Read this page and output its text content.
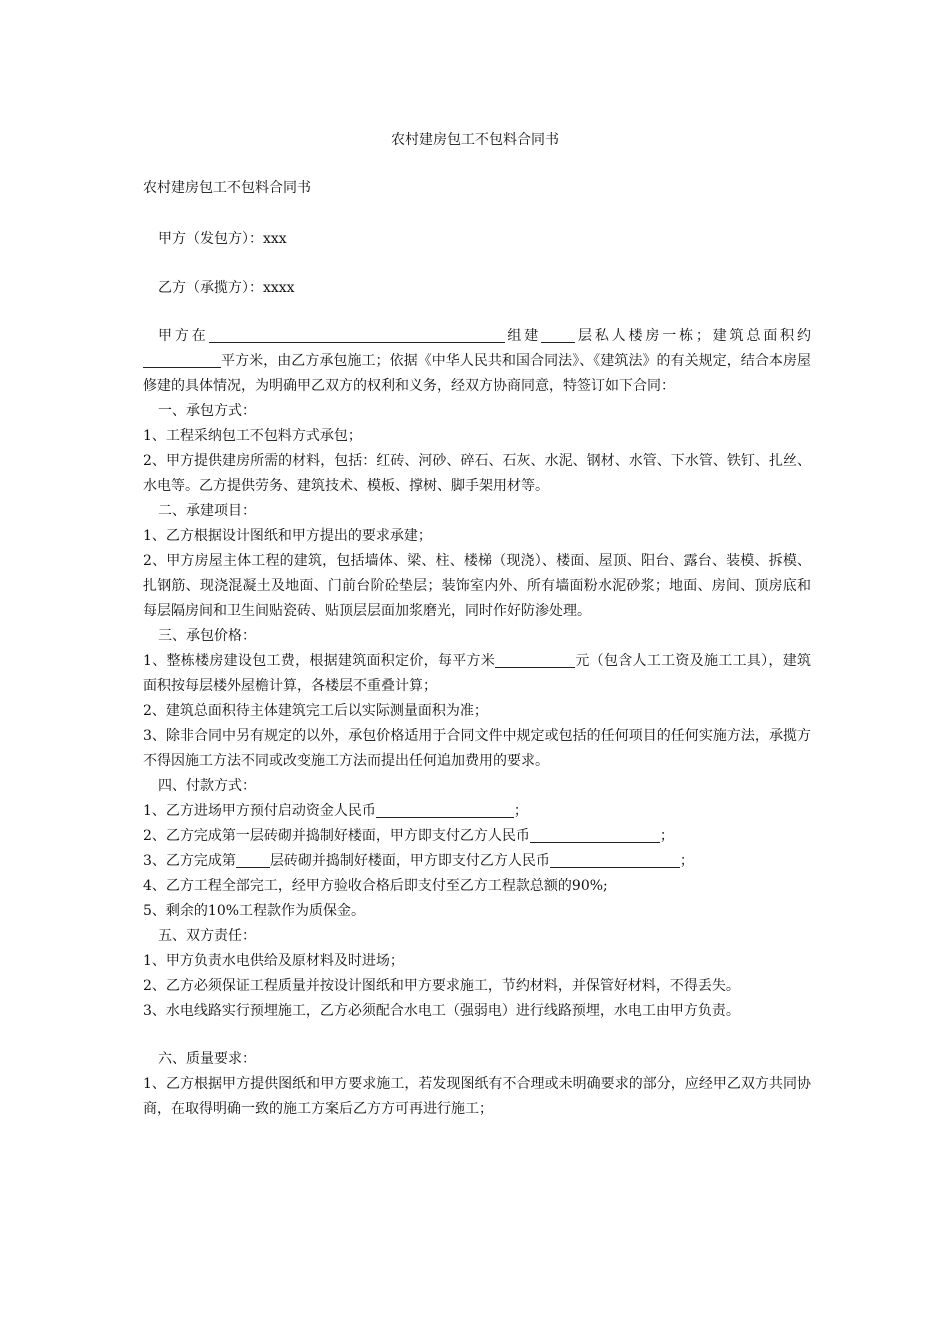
农村建房包工不包料合同书
农村建房包工不包料合同书
甲方（发包方）：xxx
乙方（承揽方）：xxxx

甲方在	组建 层私人楼房一栋；建筑总面积约平方米，由乙方承包施工；依据《中华人民共和国合同法》、《建筑法》的有关规定，结合本房屋修建的具体情况，为明确甲乙双方的权利和义务，经双方协商同意，特签订如下合同：

一、承包方式：

1、工程采纳包工不包料方式承包；

2、甲方提供建房所需的材料，包括：红砖、河砂、碎石、石灰、水泥、钢材、水管、下水管、铁钉、扎丝、水电等。乙方提供劳务、建筑技术、模板、撑树、脚手架用材等。

二、承建项目：

1、乙方根据设计图纸和甲方提出的要求承建；

2、甲方房屋主体工程的建筑，包括墙体、梁、柱、楼梯（现浇）、楼面、屋顶、阳台、露台、装模、拆模、扎钢筋、现浇混凝土及地面、门前台阶砼垫层；装饰室内外、所有墙面粉水泥砂浆；地面、房间、顶房底和每层隔房间和卫生间贴瓷砖、贴顶层层面加浆磨光，同时作好防渗处理。

三、承包价格：

1、整栋楼房建设包工费，根据建筑面积定价，每平方米	元（包含人工工资及施工工具），建筑面积按每层楼外屋檐计算，各楼层不重叠计算；

2、建筑总面积待主体建筑完工后以实际测量面积为准；

3、除非合同中另有规定的以外，承包价格适用于合同文件中规定或包括的任何项目的任何实施方法，承揽方不得因施工方法不同或改变施工方法而提出任何追加费用的要求。

四、付款方式：

1、乙方进场甲方预付启动资金人民币	；

2、乙方完成第一层砖砌并捣制好楼面，甲方即支付乙方人民币	；

3、乙方完成第 层砖砌并捣制好楼面，甲方即支付乙方人民币	；

4、乙方工程全部完工，经甲方验收合格后即支付至乙方工程款总额的90%;

5、剩余的10%工程款作为质保金。

五、双方责任：

1、甲方负责水电供给及原材料及时进场；

2、乙方必须保证工程质量并按设计图纸和甲方要求施工，节约材料，并保管好材料，不得丢失。

3、水电线路实行预埋施工，乙方必须配合水电工（强弱电）进行线路预埋，水电工由甲方负责。

六、质量要求：

1、乙方根据甲方提供图纸和甲方要求施工，若发现图纸有不合理或未明确要求的部分，应经甲乙双方共同协商，在取得明确一致的施工方案后乙方方可再进行施工；
